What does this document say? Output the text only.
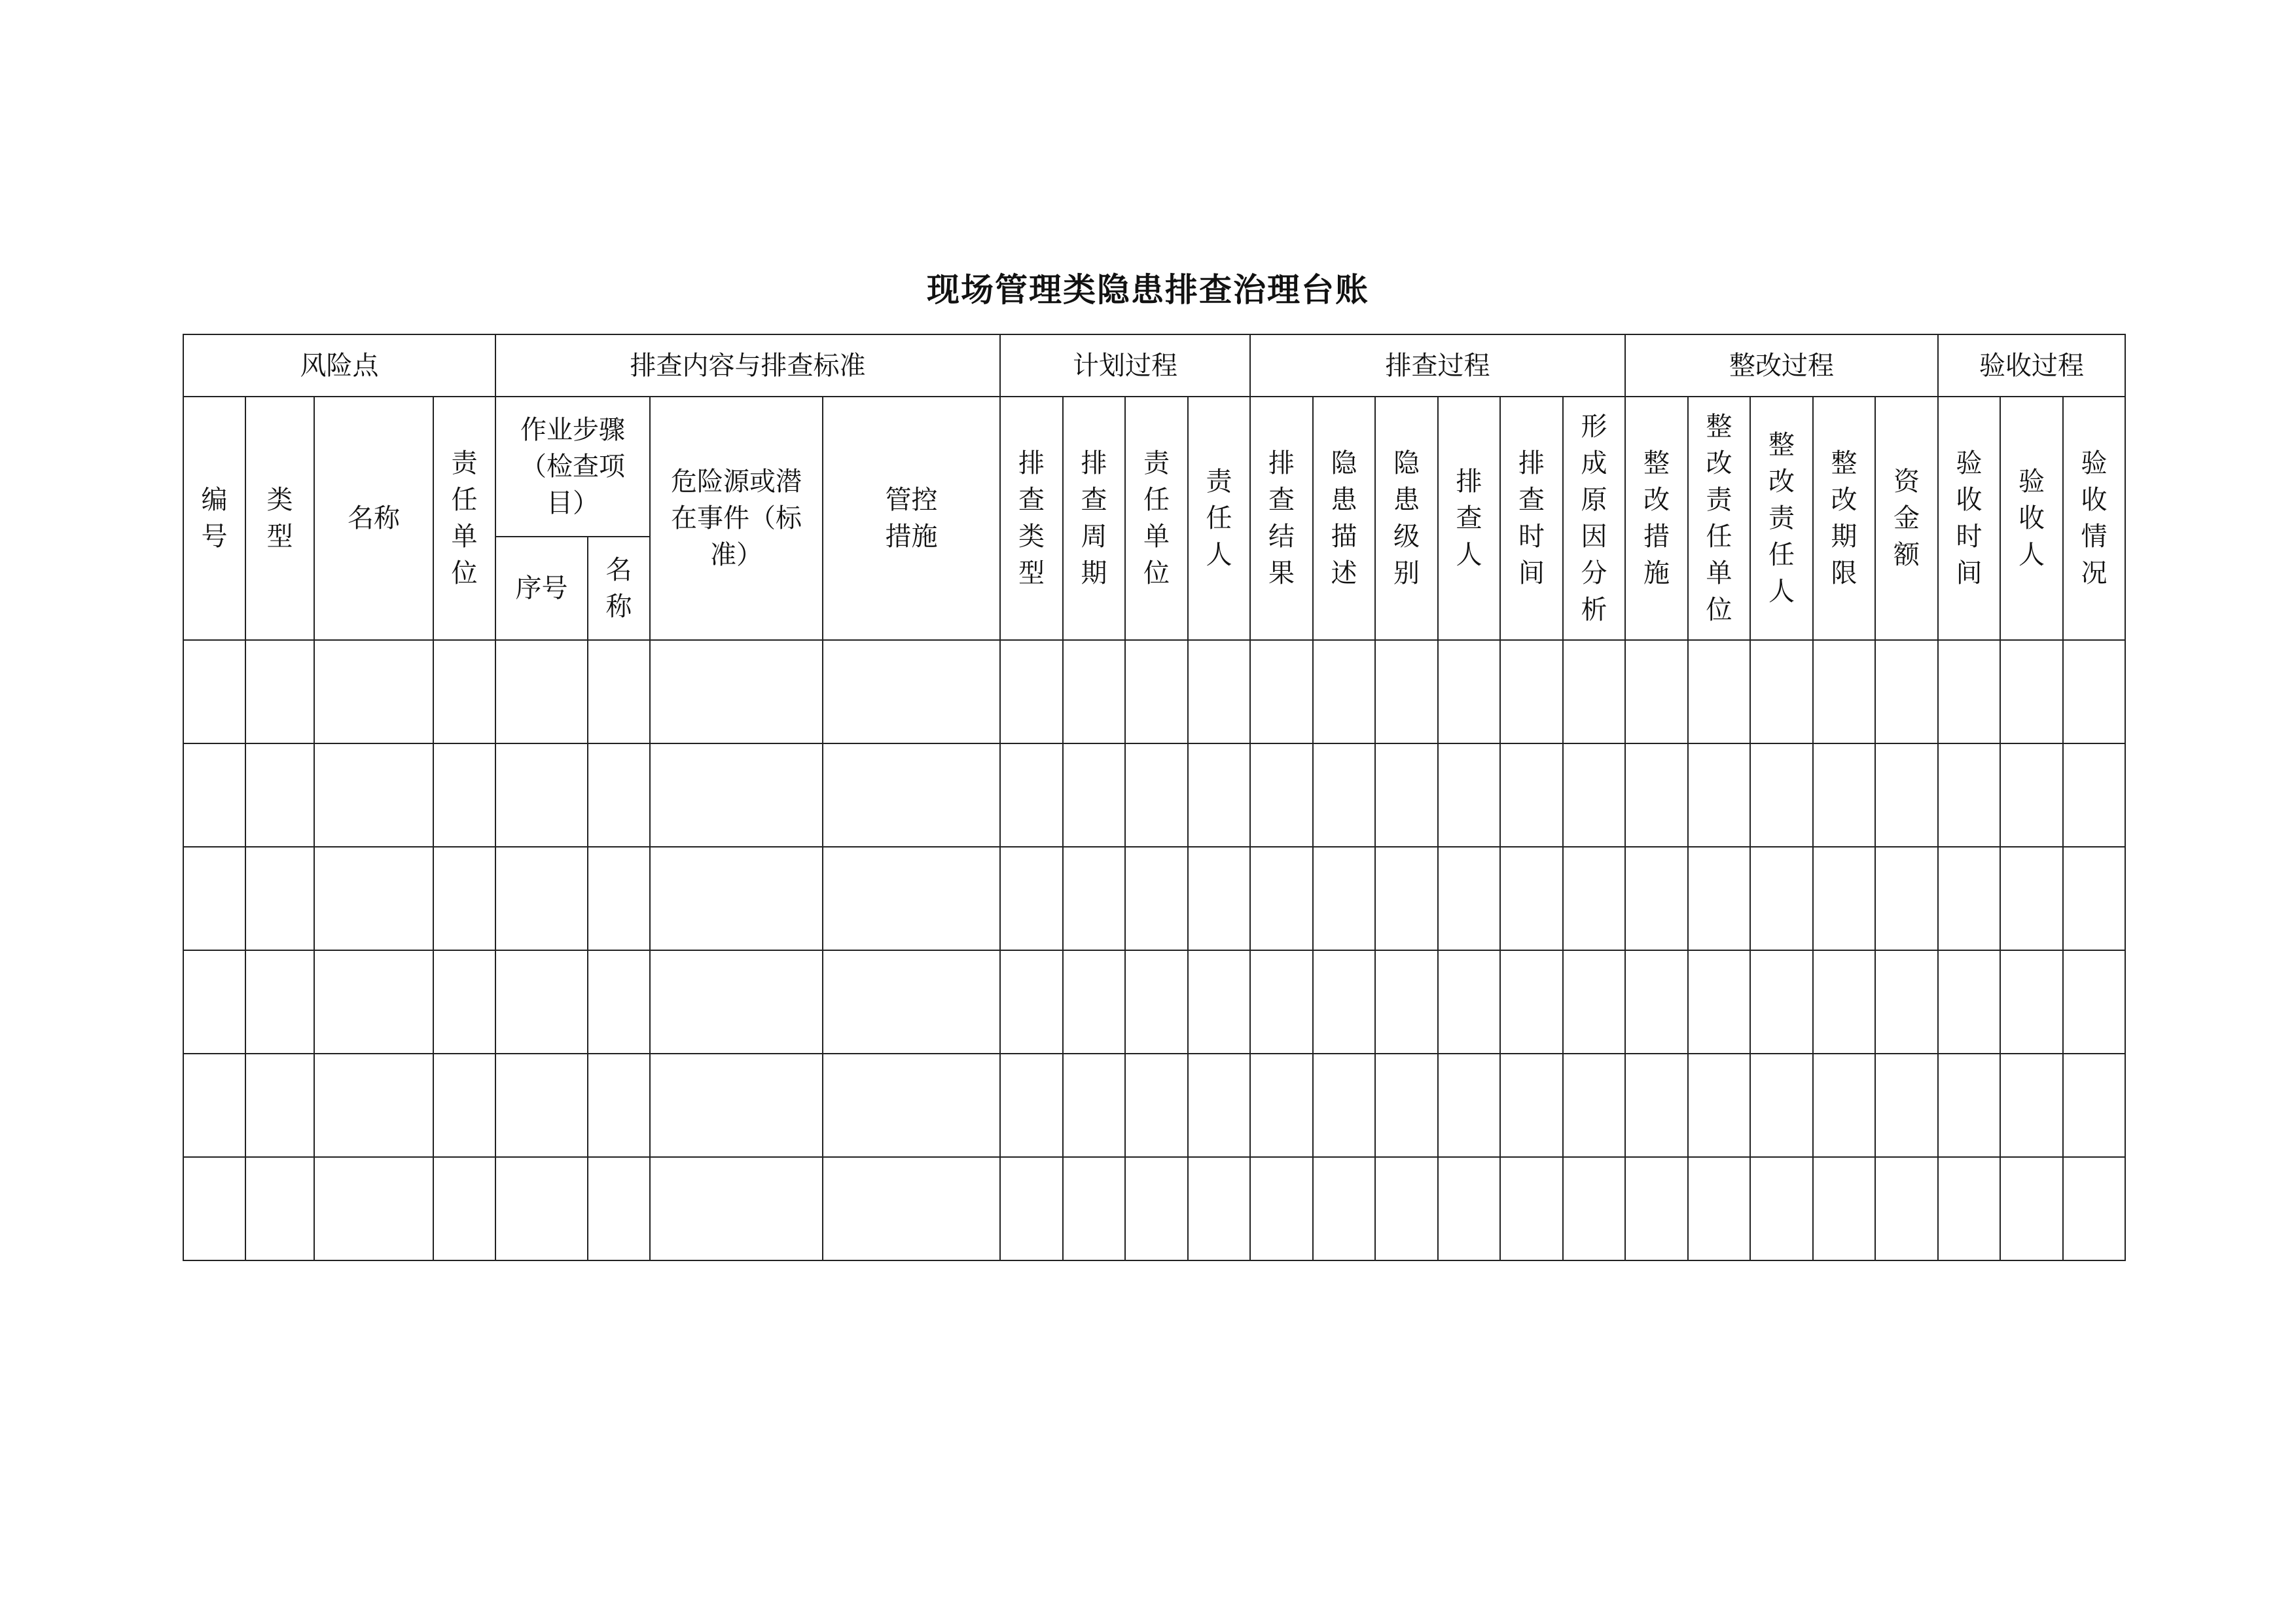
现场管理类隐患排查治理台账
风险点				排查内容与排查标准				计划过程				排查过程						整改过程					验收过程		
编号	类型	名称	责任单位	作业步骤（检查项目）		危险源或潜在事件（标准）	管控措施	排查类型	排查周期	责任单位	责任人	排查结果	隐患描述	隐患级别	排查人	排查时间	形成原因分析	整改措施	整改责任单位	整改责任人	整改期限	资金额	验收时间	验收人	验收情况
				序号	名称																				
